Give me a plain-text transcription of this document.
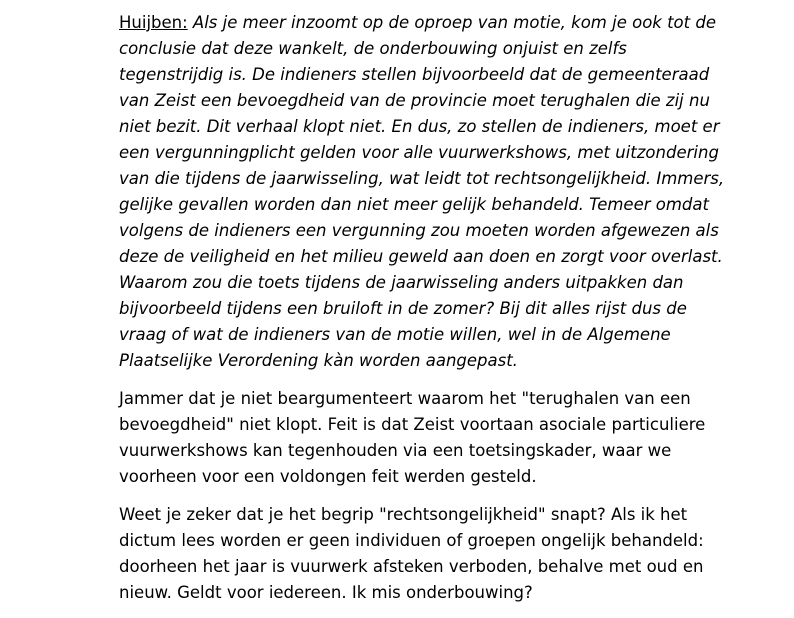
Huijben: Als je meer inzoomt op de oproep van motie, kom je ook tot de
conclusie dat deze wankelt, de onderbouwing onjuist en zelfs
tegenstrijdig is. De indieners stellen bijvoorbeeld dat de gemeenteraad
van Zeist een bevoegdheid van de provincie moet terughalen die zij nu
niet bezit. Dit verhaal klopt niet. En dus, zo stellen de indieners, moet er
een vergunningplicht gelden voor alle vuurwerkshows, met uitzondering
van die tijdens de jaarwisseling, wat leidt tot rechtsongelijkheid. Immers,
gelijke gevallen worden dan niet meer gelijk behandeld. Temeer omdat
volgens de indieners een vergunning zou moeten worden afgewezen als
deze de veiligheid en het milieu geweld aan doen en zorgt voor overlast.
Waarom zou die toets tijdens de jaarwisseling anders uitpakken dan
bijvoorbeeld tijdens een bruiloft in de zomer? Bij dit alles rijst dus de
vraag of wat de indieners van de motie willen, wel in de Algemene
Plaatselijke Verordening kàn worden aangepast.

Jammer dat je niet beargumenteert waarom het "terughalen van een
bevoegdheid" niet klopt. Feit is dat Zeist voortaan asociale particuliere
vuurwerkshows kan tegenhouden via een toetsingskader, waar we
voorheen voor een voldongen feit werden gesteld.

Weet je zeker dat je het begrip "rechtsongelijkheid" snapt? Als ik het
dictum lees worden er geen individuen of groepen ongelijk behandeld:
doorheen het jaar is vuurwerk afsteken verboden, behalve met oud en
nieuw. Geldt voor iedereen. Ik mis onderbouwing?
